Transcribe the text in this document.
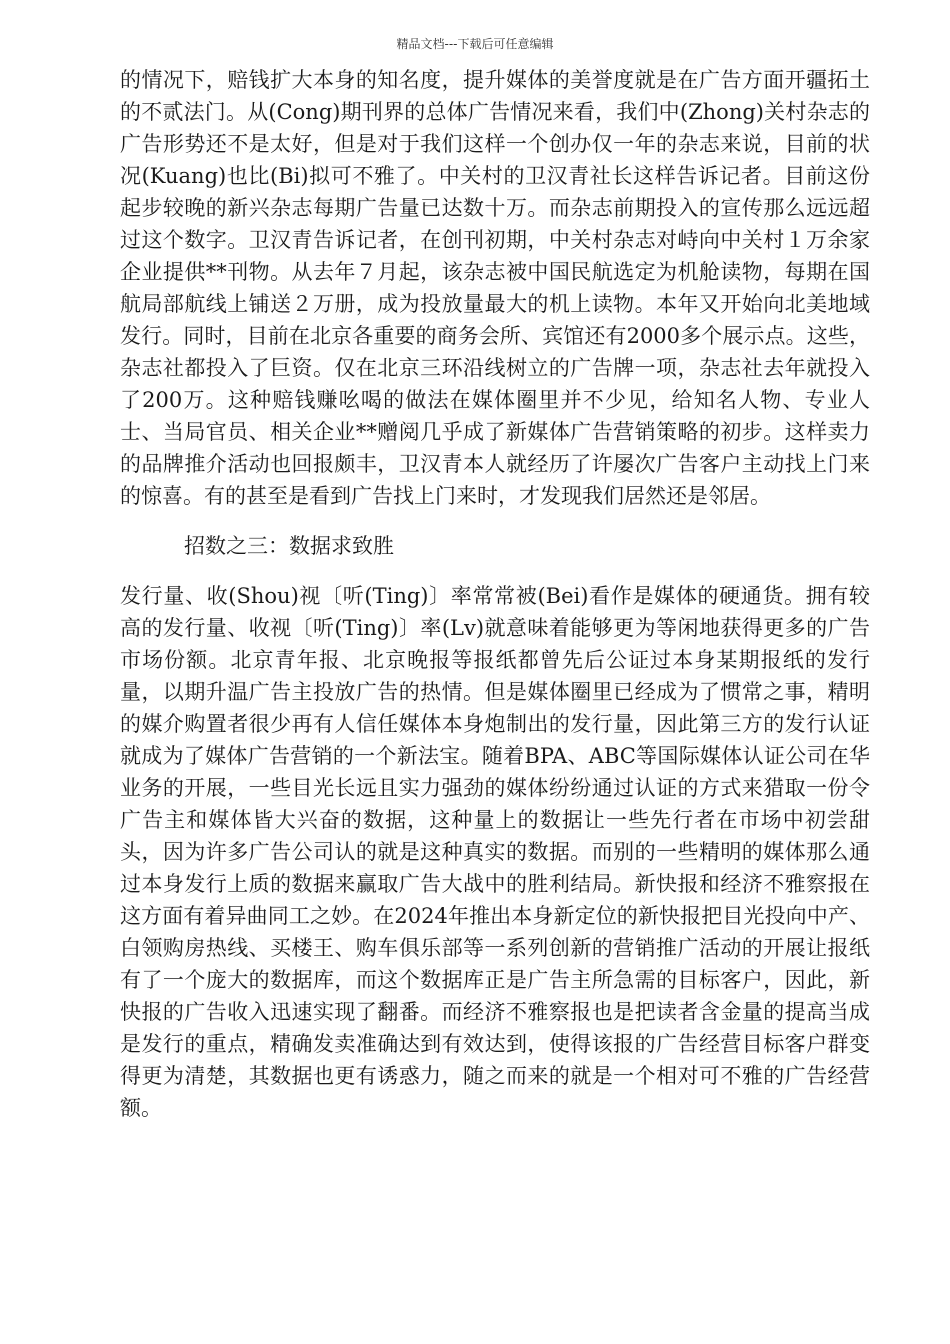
精品文档---下载后可任意编辑

的情况下，赔钱扩大本身的知名度，提升媒体的美誉度就是在广告方面开疆拓土的不贰法门。从(Cong)期刊界的总体广告情况来看，我们中(Zhong)关村杂志的广告形势还不是太好，但是对于我们这样一个创办仅一年的杂志来说，目前的状况(Kuang)也比(Bi)拟可不雅了。中关村的卫汉青社长这样告诉记者。目前这份起步较晚的新兴杂志每期广告量已达数十万。而杂志前期投入的宣传那么远远超过这个数字。卫汉青告诉记者，在创刊初期，中关村杂志对峙向中关村１万余家企业提供**刊物。从去年７月起，该杂志被中国民航选定为机舱读物，每期在国航局部航线上铺送２万册，成为投放量最大的机上读物。本年又开始向北美地域发行。同时，目前在北京各重要的商务会所、宾馆还有2000多个展示点。这些，杂志社都投入了巨资。仅在北京三环沿线树立的广告牌一项，杂志社去年就投入了200万。这种赔钱赚吆喝的做法在媒体圈里并不少见，给知名人物、专业人士、当局官员、相关企业**赠阅几乎成了新媒体广告营销策略的初步。这样卖力的品牌推介活动也回报颇丰，卫汉青本人就经历了许屡次广告客户主动找上门来的惊喜。有的甚至是看到广告找上门来时，才发现我们居然还是邻居。

招数之三：数据求致胜

发行量、收(Shou)视〔听(Ting)〕率常常被(Bei)看作是媒体的硬通货。拥有较高的发行量、收视〔听(Ting)〕率(Lv)就意味着能够更为等闲地获得更多的广告市场份额。北京青年报、北京晚报等报纸都曾先后公证过本身某期报纸的发行量，以期升温广告主投放广告的热情。但是媒体圈里已经成为了惯常之事，精明的媒介购置者很少再有人信任媒体本身炮制出的发行量，因此第三方的发行认证就成为了媒体广告营销的一个新法宝。随着BPA、ABC等国际媒体认证公司在华业务的开展，一些目光长远且实力强劲的媒体纷纷通过认证的方式来猎取一份令广告主和媒体皆大兴奋的数据，这种量上的数据让一些先行者在市场中初尝甜头，因为许多广告公司认的就是这种真实的数据。而别的一些精明的媒体那么通过本身发行上质的数据来赢取广告大战中的胜利结局。新快报和经济不雅察报在这方面有着异曲同工之妙。在2024年推出本身新定位的新快报把目光投向中产、白领购房热线、买楼王、购车俱乐部等一系列创新的营销推广活动的开展让报纸有了一个庞大的数据库，而这个数据库正是广告主所急需的目标客户，因此，新快报的广告收入迅速实现了翻番。而经济不雅察报也是把读者含金量的提高当成是发行的重点，精确发卖准确达到有效达到，使得该报的广告经营目标客户群变得更为清楚，其数据也更有诱惑力，随之而来的就是一个相对可不雅的广告经营额。
